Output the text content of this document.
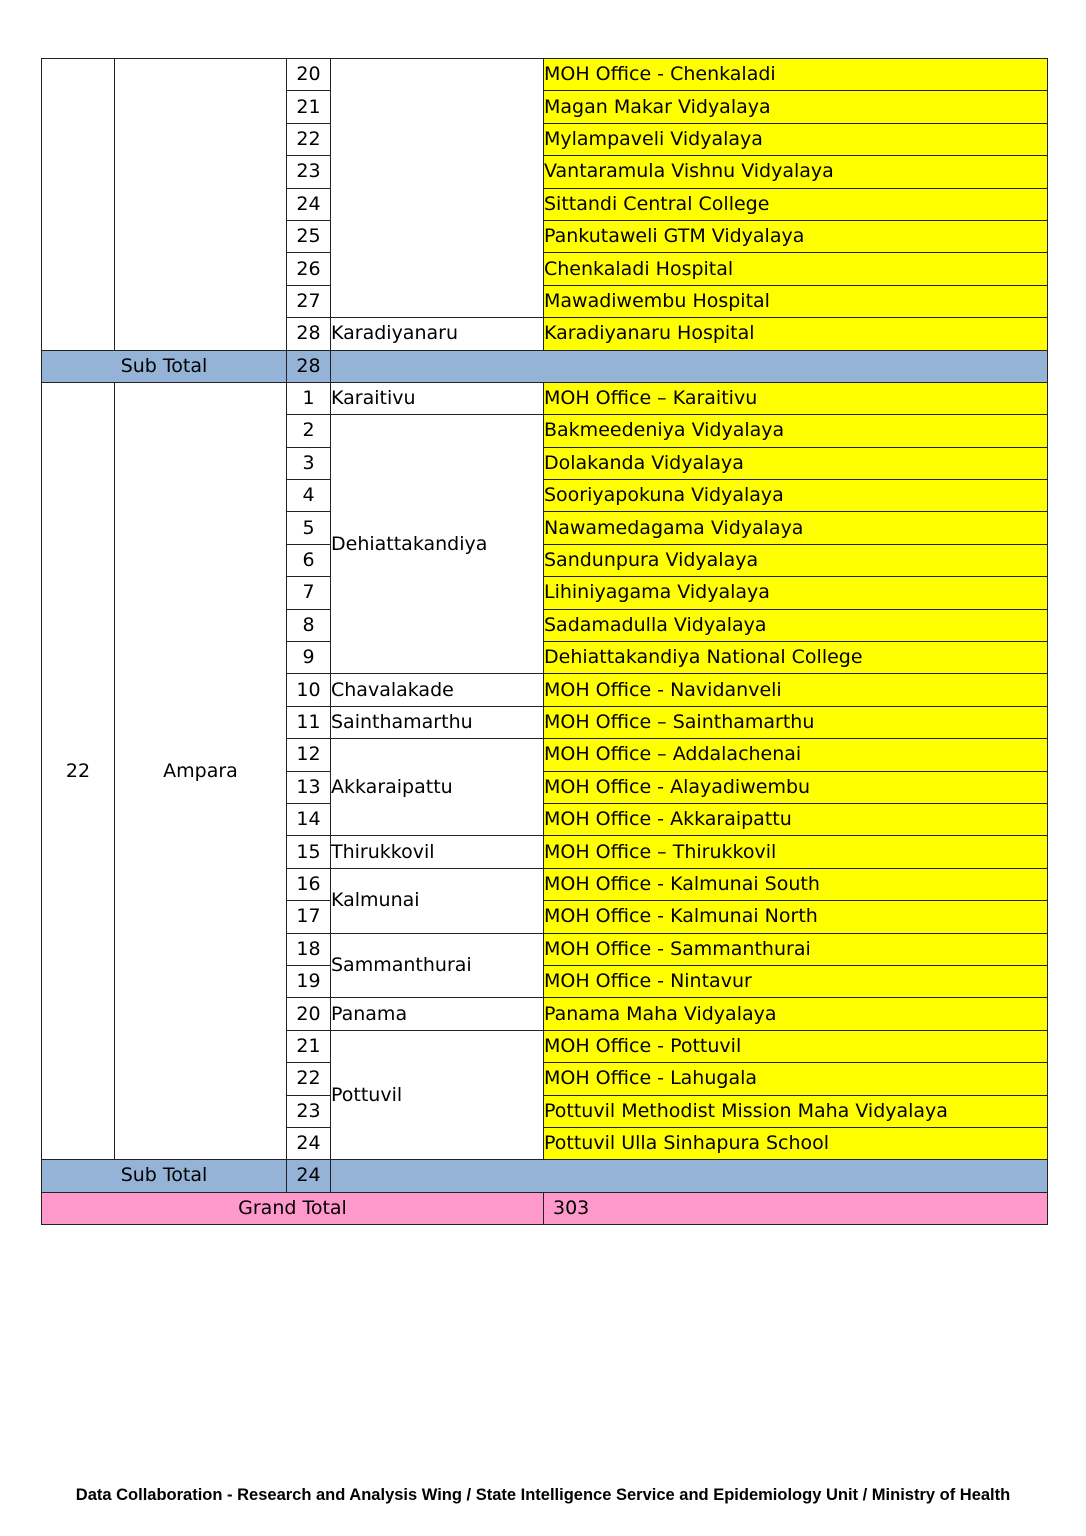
		20		MOH Office - Chenkaladi
		21		Magan Makar Vidyalaya
		22		Mylampaveli Vidyalaya
		23		Vantaramula Vishnu Vidyalaya
		24		Sittandi Central College
		25		Pankutaweli GTM Vidyalaya
		26		Chenkaladi Hospital
		27		Mawadiwembu Hospital
		28	Karadiyanaru	Karadiyanaru Hospital
Sub Total		28		
22	Ampara	1	Karaitivu	MOH Office – Karaitivu
		2	Dehiattakandiya	Bakmeedeniya Vidyalaya
		3		Dolakanda Vidyalaya
		4		Sooriyapokuna Vidyalaya
		5		Nawamedagama Vidyalaya
		6		Sandunpura Vidyalaya
		7		Lihiniyagama Vidyalaya
		8		Sadamadulla Vidyalaya
		9		Dehiattakandiya National College
		10	Chavalakade	MOH Office - Navidanveli
		11	Sainthamarthu	MOH Office – Sainthamarthu
		12	Akkaraipattu	MOH Office – Addalachenai
		13		MOH Office - Alayadiwembu
		14		MOH Office - Akkaraipattu
		15	Thirukkovil	MOH Office – Thirukkovil
		16	Kalmunai	MOH Office - Kalmunai South
		17		MOH Office - Kalmunai North
		18	Sammanthurai	MOH Office - Sammanthurai
		19		MOH Office - Nintavur
		20	Panama	Panama Maha Vidyalaya
		21	Pottuvil	MOH Office - Pottuvil
		22		MOH Office - Lahugala
		23		Pottuvil Methodist Mission Maha Vidyalaya
		24		Pottuvil Ulla Sinhapura School
Sub Total		24		
Grand Total				303
Data Collaboration - Research and Analysis Wing / State Intelligence Service and Epidemiology Unit / Ministry of Health
